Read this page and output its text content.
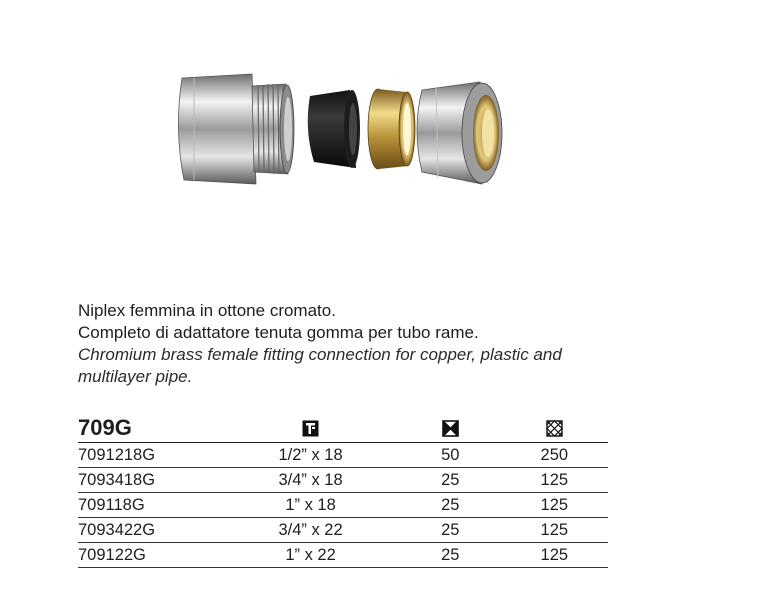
Niplex femmina in ottone cromato.

Completo di adattatore tenuta gomma per tubo rame.

Chromium brass female fitting connection for copper, plastic and

multilayer pipe.

709G			
7091218G	1/2” x 18	50	250
7093418G	3/4” x 18	25	125
709118G	1” x 18	25	125
7093422G	3/4” x 22	25	125
709122G	1” x 22	25	125
